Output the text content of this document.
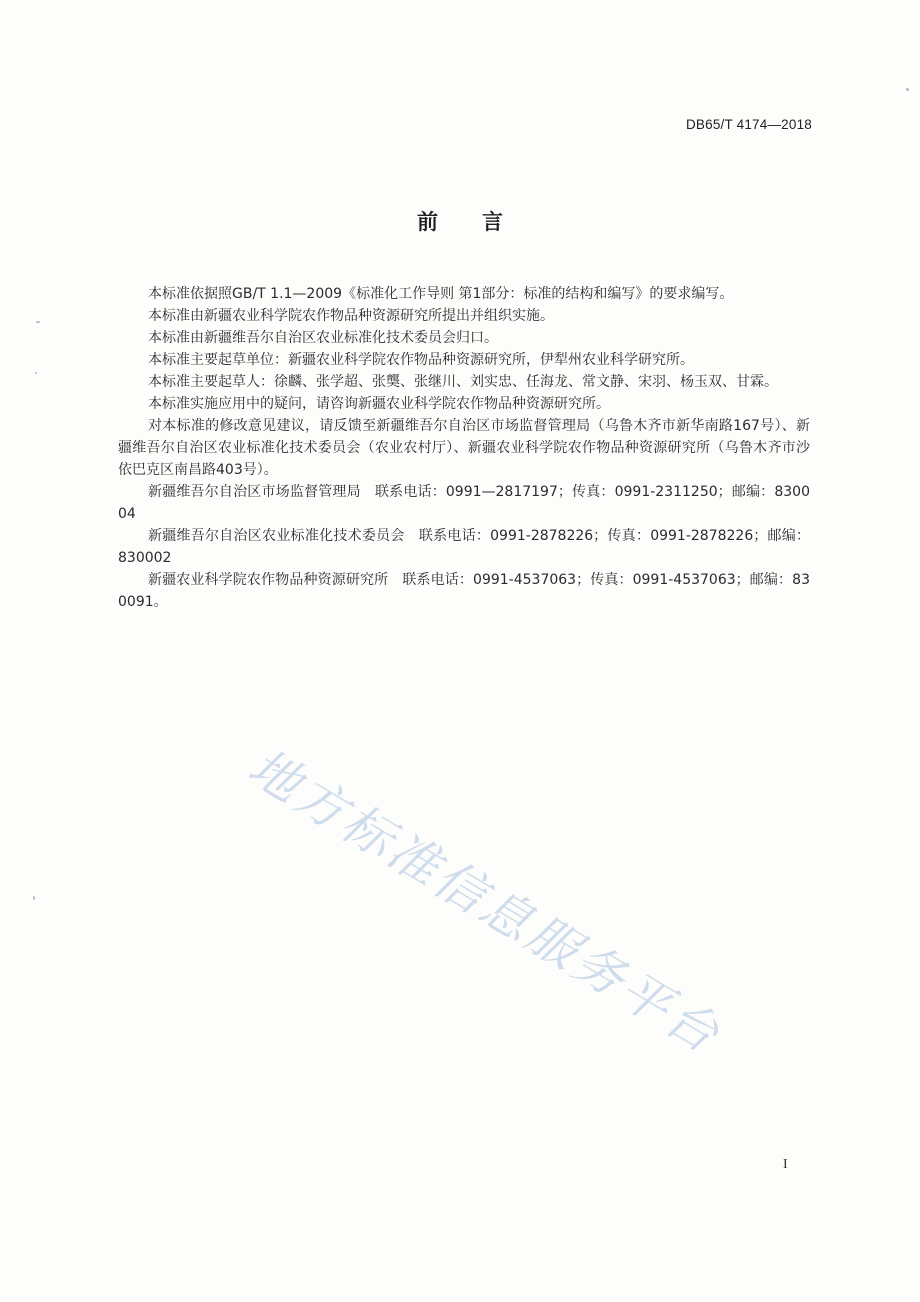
DB65/T 4174—2018
前言

本标准依据照GB/T 1.1—2009《标准化工作导则 第1部分：标准的结构和编写》的要求编写。

本标准由新疆农业科学院农作物品种资源研究所提出并组织实施。

本标准由新疆维吾尔自治区农业标准化技术委员会归口。

本标准主要起草单位：新疆农业科学院农作物品种资源研究所，伊犁州农业科学研究所。

本标准主要起草人：徐麟、张学超、张龑、张继川、刘实忠、任海龙、常文静、宋羽、杨玉双、甘霖。

本标准实施应用中的疑问，请咨询新疆农业科学院农作物品种资源研究所。

对本标准的修改意见建议，请反馈至新疆维吾尔自治区市场监督管理局（乌鲁木齐市新华南路167号）、新疆维吾尔自治区农业标准化技术委员会（农业农村厅）、新疆农业科学院农作物品种资源研究所（乌鲁木齐市沙依巴克区南昌路403号）。

新疆维吾尔自治区市场监督管理局　联系电话：0991—2817197；传真：0991-2311250；邮编：830004

新疆维吾尔自治区农业标准化技术委员会　联系电话：0991-2878226；传真：0991-2878226；邮编：830002

新疆农业科学院农作物品种资源研究所　联系电话：0991-4537063；传真：0991-4537063；邮编：830091。

地方标准信息服务平台
I
